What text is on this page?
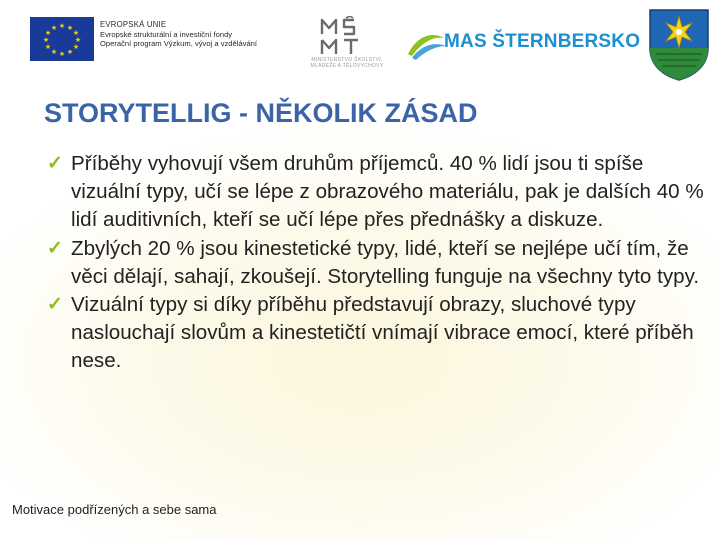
★ ★
★
★
★
★
★
★
★
★
★
★	EVROPSKÁ UNIE
Evropské strukturální a investiční fondy
Operační program Výzkum, vývoj a vzdělávání
MINISTERSTVO ŠKOLSTVÍ,
MLÁDEŽE A TĚLOVÝCHOVY
MAS ŠTERNBERSKO
STORYTELLIG - NĚKOLIK ZÁSAD
✓ Příběhy vyhovují všem druhům příjemců. 40 % lidí jsou ti spíše vizuální typy, učí se lépe z obrazového materiálu, pak je dalších 40 % lidí auditivních, kteří se učí lépe přes přednášky a diskuze.
✓ Zbylých 20 % jsou kinestetické typy, lidé, kteří se nejlépe učí tím, že věci dělají, sahají, zkoušejí. Storytelling funguje na všechny tyto typy.
✓ Vizuální typy si díky příběhu představují obrazy, sluchové typy naslouchají slovům a kinestetičtí vnímají vibrace emocí, které příběh nese.
Motivace podřízených a sebe sama
